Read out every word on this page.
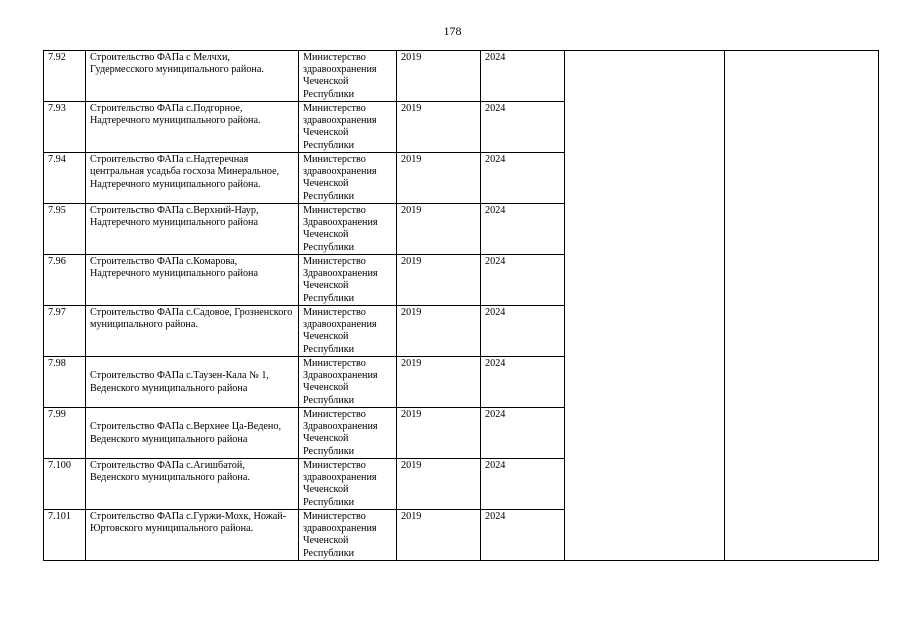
178
7.92	Строительство ФАПа с Мелчхи, Гудермесского муниципального района.	Министерство здравоохранения Чеченской Республики	2019	2024		
7.93	Строительство ФАПа с.Подгорное, Надтеречного муниципального района.	Министерство здравоохранения Чеченской Республики	2019	2024		
7.94	Строительство ФАПа с.Надтеречная центральная усадьба госхоза Минеральное, Надтеречного муниципального района.	Министерство здравоохранения Чеченской Республики	2019	2024		
7.95	Строительство ФАПа с.Верхний-Наур, Надтеречного муниципального района	Министерство Здравоохранения Чеченской Республики	2019	2024		
7.96	Строительство ФАПа с.Комарова, Надтеречного муниципального района	Министерство Здравоохранения Чеченской Республики	2019	2024		
7.97	Строительство ФАПа с.Садовое, Грозненского муниципального района.	Министерство здравоохранения Чеченской Республики	2019	2024		
7.98	Строительство ФАПа с.Таузен-Кала № 1, Веденского муниципального района	Министерство Здравоохранения Чеченской Республики	2019	2024		
7.99	Строительство ФАПа с.Верхнее Ца-Ведено, Веденского муниципального района	Министерство Здравоохранения Чеченской Республики	2019	2024		
7.100	Строительство ФАПа с.Агишбатой, Веденского муниципального района.	Министерство здравоохранения Чеченской Республики	2019	2024		
7.101	Строительство ФАПа с.Гуржи-Мохк, Ножай-Юртовского муниципального района.	Министерство здравоохранения Чеченской Республики	2019	2024		
